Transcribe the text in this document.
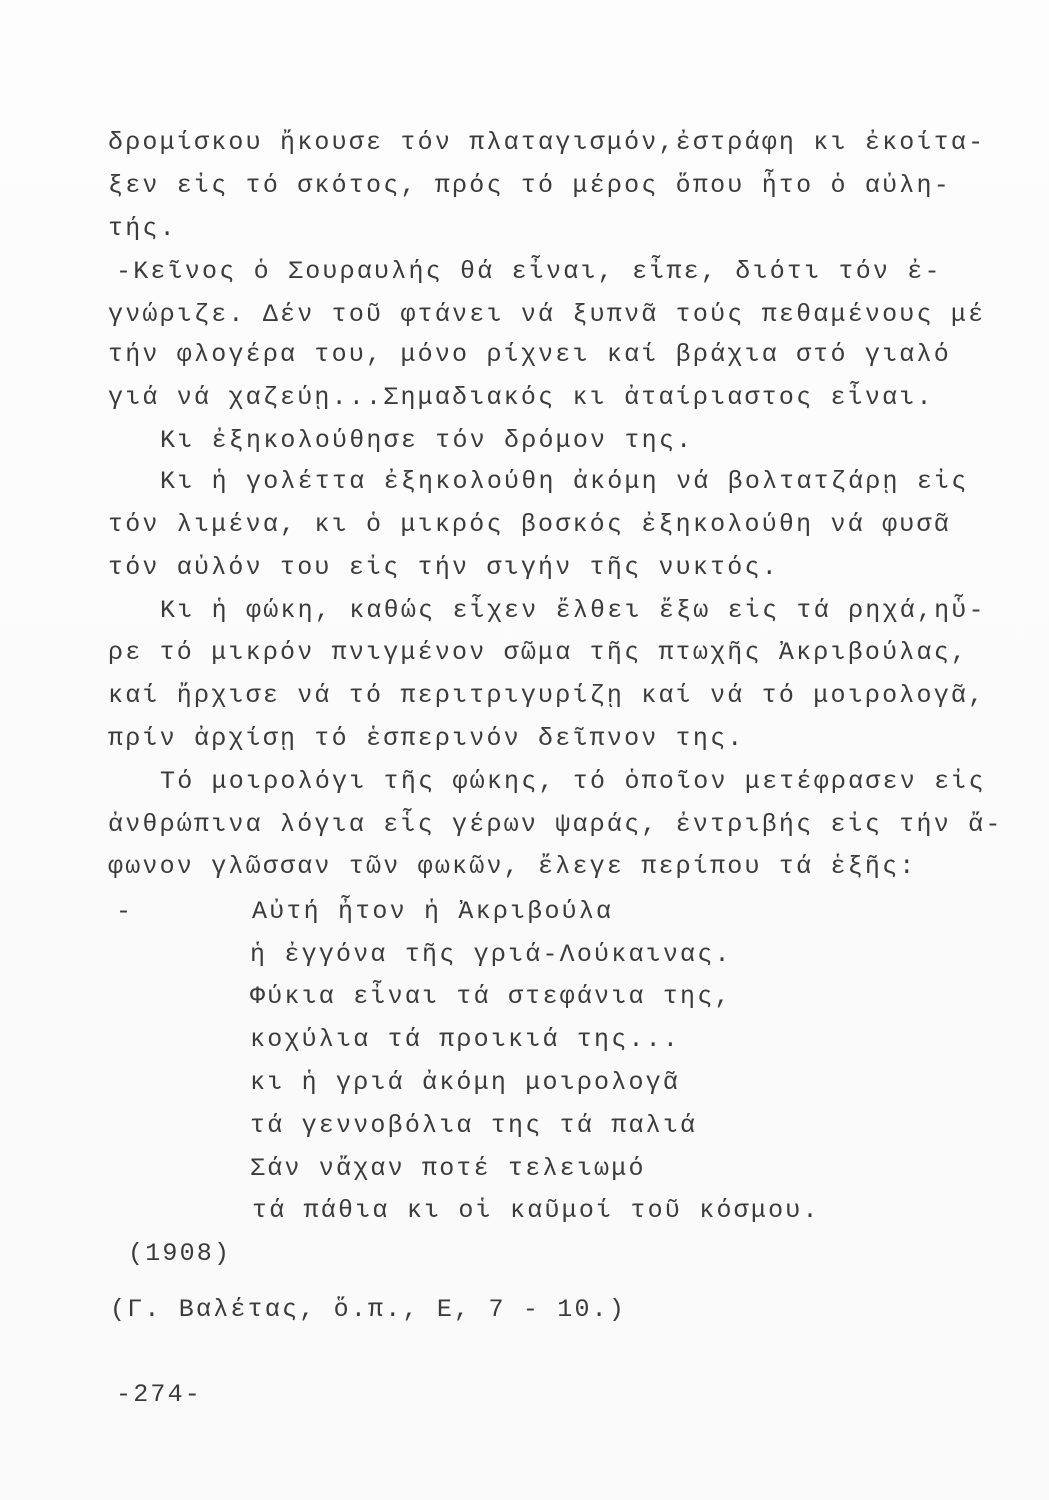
δρομίσκου ἤκουσε τόν πλαταγισμόν,ἐστράφη κι ἐκοίτα-
ξεν εἰς τό σκότος, πρός τό μέρος ὅπου ἦτο ὁ αὐλη-
τής.
-Κεῖνος ὁ Σουραυλής θά εἶναι, εἶπε, διότι τόν ἐ-
γνώριζε. Δέν τοῦ φτάνει νά ξυπνᾶ τούς πεθαμένους μέ
τήν φλογέρα του, μόνο ρίχνει καί βράχια στό γιαλό
γιά νά χαζεύῃ...Σημαδιακός κι ἀταίριαστος εἶναι.
Κι ἐξηκολούθησε τόν δρόμον της.
Κι ἡ γολέττα ἐξηκολούθη ἀκόμη νά βολτατζάρῃ εἰς
τόν λιμένα, κι ὁ μικρός βοσκός ἐξηκολούθη νά φυσᾶ
τόν αὐλόν του εἰς τήν σιγήν τῆς νυκτός.
Κι ἡ φώκη, καθώς εἶχεν ἔλθει ἔξω εἰς τά ρηχά,ηὗ-
ρε τό μικρόν πνιγμένον σῶμα τῆς πτωχῆς Ἀκριβούλας,
καί ἤρχισε νά τό περιτριγυρίζῃ καί νά τό μοιρολογᾶ,
πρίν ἀρχίσῃ τό ἑσπερινόν δεῖπνον της.
Τό μοιρολόγι τῆς φώκης, τό ὁποῖον μετέφρασεν εἰς
ἀνθρώπινα λόγια εἷς γέρων ψαράς, ἐντριβής εἰς τήν ἄ-
φωνον γλῶσσαν τῶν φωκῶν, ἔλεγε περίπου τά ἑξῆς:
-	Αὐτή ἦτον ἡ Ἀκριβούλα
ἡ ἐγγόνα τῆς γριά-Λούκαινας.
Φύκια εἶναι τά στεφάνια της,
κοχύλια τά προικιά της...
κι ἡ γριά ἀκόμη μοιρολογᾶ
τά γεννοβόλια της τά παλιά
Σάν νἄχαν ποτέ τελειωμό
τά πάθια κι οἱ καῦμοί τοῦ κόσμου.
(1908)
(Γ. Βαλέτας, ὅ.π., Ε, 7 - 10.)
-274-
